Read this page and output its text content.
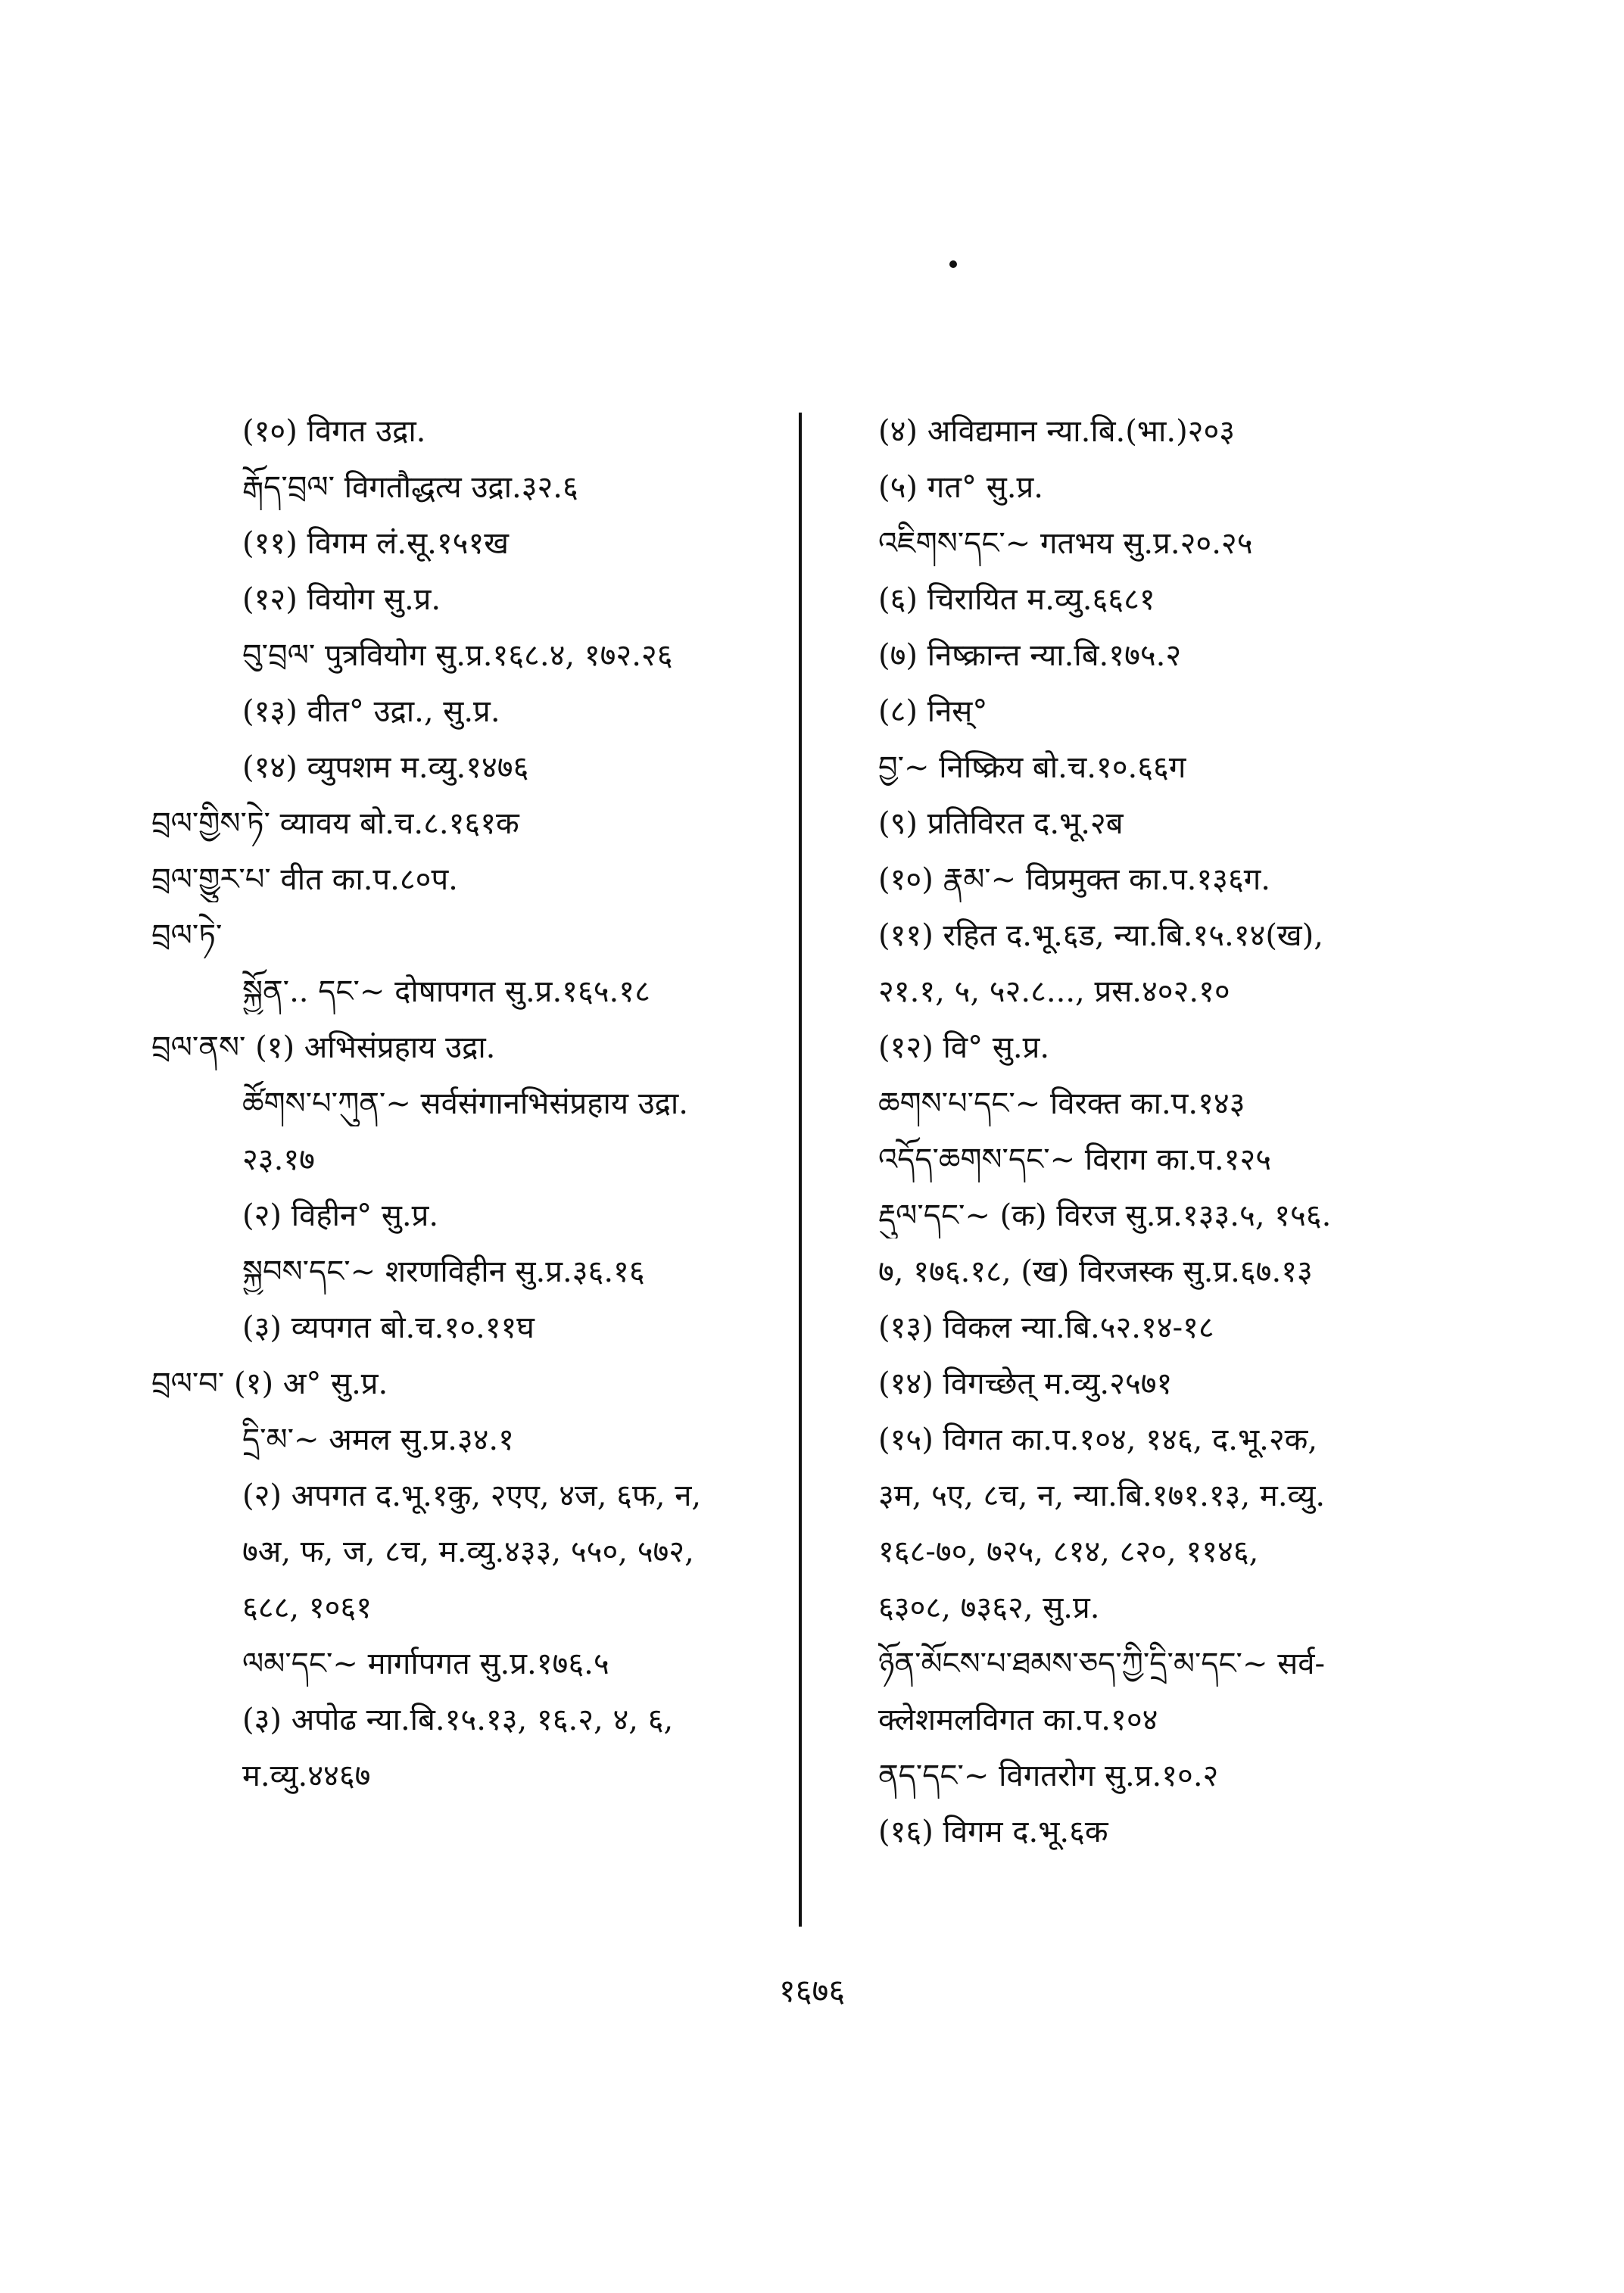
(१०) विगत उद्रा.
རྒོད་བྲལ་ विगतौद्धत्य उद्रा.३२.६
(११) विगम लं.सू.१५१ख
(१२) वियोग सु.प्र.
བུ་བྲལ་ पुत्रवियोग सु.प्र.१६८.४, १७२.२६
(१३) वीत° उद्रा., सु.प्र.
(१४) व्युपशम म.व्यु.१४७६
བྲལ་གྱིས་ཏེ་ व्यावय बो.च.८.१६१क
བྲལ་གྱུར་པ་ वीत का.प.८०प.
བྲལ་ཏེ་
སྐྱོན་.. དང་~ दोषापगत सु.प्र.१६५.१८
བྲལ་ནས་ (१) अभिसंप्रहाय उद्रा.
ཚོགས་པ་ཀུན་~ सर्वसंगानभिसंप्रहाय उद्रा.
२३.१७
(२) विहीन° सु.प्र.
སྐྱབས་དང་~ शरणविहीन सु.प्र.३६.१६
(३) व्यपगत बो.च.१०.११घ
བྲལ་བ་ (१) अ° सु.प्र.
དྲི་མ་~ अमल सु.प्र.३४.१
(२) अपगत द.भू.१कु, २एए, ४ज, ६फ, न,
७अ, फ, ज, ८च, म.व्यु.४३३, ५५०, ५७२,
६८८, १०६१
ལམ་དང་~ मार्गापगत सु.प्र.१७६.५
(३) अपोढ न्या.बि.१५.१३, १६.२, ४, ६,
म.व्यु.४४६७
(४) अविद्यमान न्या.बि.(भा.)२०३
(५) गत° सु.प्र.
འཇིགས་དང་~ गतभय सु.प्र.२०.२५
(६) चिरायित म.व्यु.६६८१
(७) निष्क्रान्त न्या.बि.१७५.२
(८) निस्°
བྱ་~ निष्क्रिय बो.च.१०.६६ग
(९) प्रतिविरत द.भू.२ब
(१०) རྣམ་~ विप्रमुक्त का.प.१३६ग.
(११) रहित द.भू.६ड, न्या.बि.१५.१४(ख),
२१.१, ५, ५२.८..., प्रस.४०२.१०
(१२) वि° सु.प्र.
ཆགས་པ་དང་~ विरक्त का.प.१४३
འདོད་ཆགས་དང་~ विराग का.प.१२५
རྡུལ་དང་~ (क) विरज सु.प्र.१३३.५, १५६.
७, १७६.१८, (ख) विरजस्क सु.प्र.६७.१३
(१३) विकल न्या.बि.५२.१४-१८
(१४) विगच्छेत् म.व्यु.२५७१
(१५) विगत का.प.१०४, १४६, द.भू.२क,
३म, ५ए, ८च, न, न्या.बि.१७१.१३, म.व्यु.
१६८-७०, ७२५, ८१४, ८२०, ११४६,
६३०८, ७३६२, सु.प्र.
ཉོན་མོངས་པ་ཐམས་ཅད་ཀྱི་དྲི་མ་དང་~ सर्व-
क्लेशमलविगत का.प.१०४
ནད་དང་~ विगतरोग सु.प्र.१०.२
(१६) विगम द.भू.६क
१६७६
